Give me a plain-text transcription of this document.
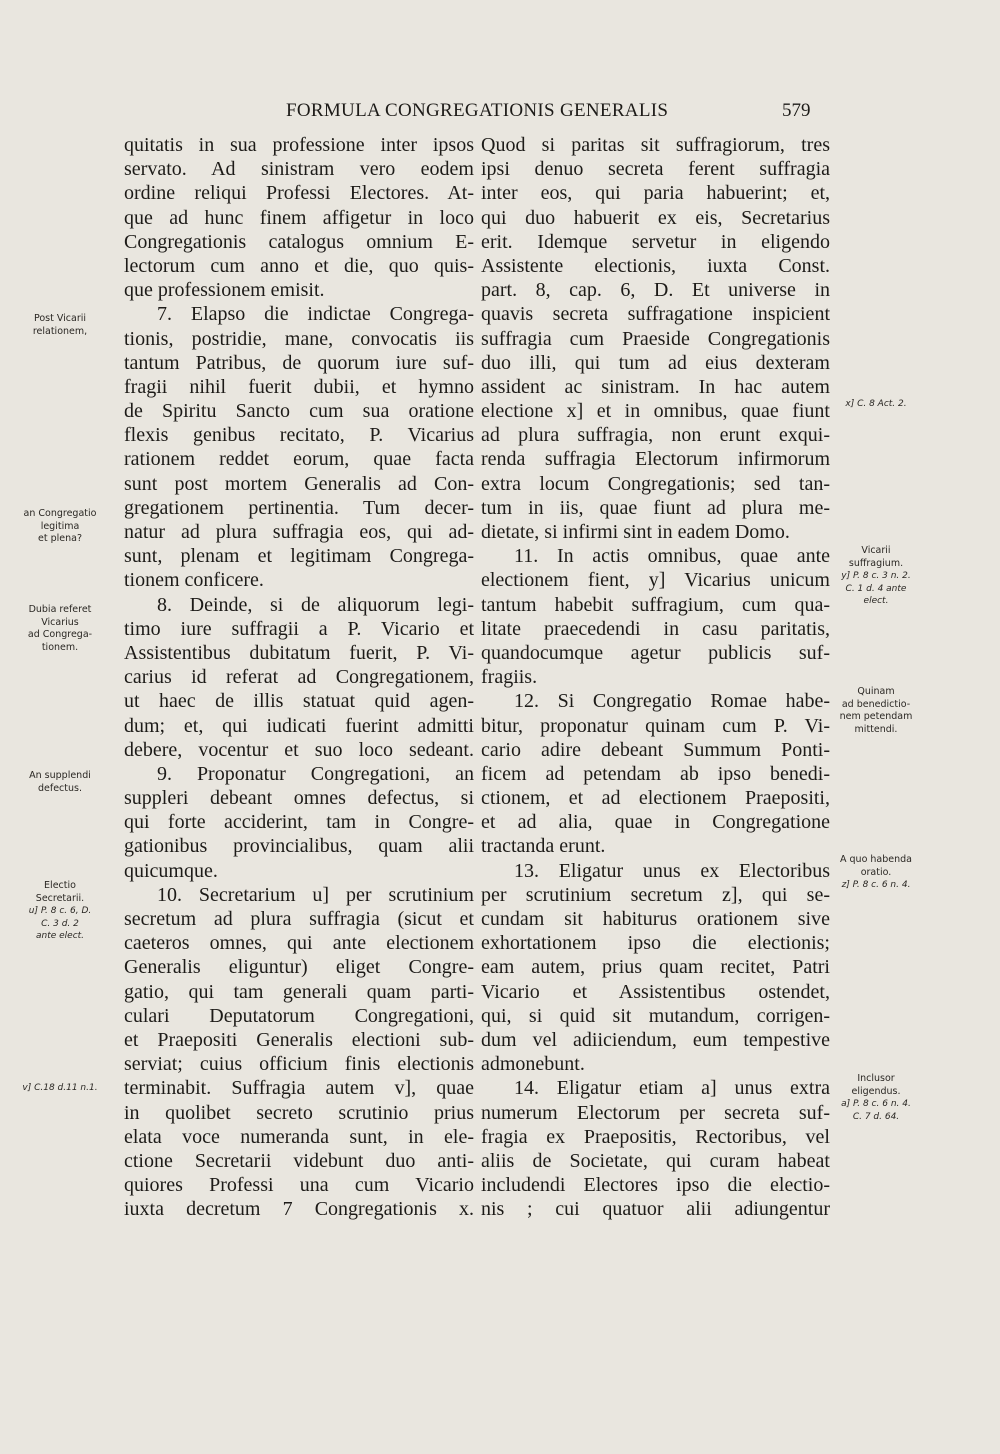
FORMULA CONGREGATIONIS GENERALIS	579
quitatis in sua professione inter ipsos
servato. Ad sinistram vero eodem
ordine reliqui Professi Electores. At-
que ad hunc finem affigetur in loco
Congregationis catalogus omnium E-
lectorum cum anno et die, quo quis-
que professionem emisit.
7. Elapso die indictae Congrega-
tionis, postridie, mane, convocatis iis
tantum Patribus, de quorum iure suf-
fragii nihil fuerit dubii, et hymno
de Spiritu Sancto cum sua oratione
flexis genibus recitato, P. Vicarius
rationem reddet eorum, quae facta
sunt post mortem Generalis ad Con-
gregationem pertinentia. Tum decer-
natur ad plura suffragia eos, qui ad-
sunt, plenam et legitimam Congrega-
tionem conficere.
8. Deinde, si de aliquorum legi-
timo iure suffragii a P. Vicario et
Assistentibus dubitatum fuerit, P. Vi-
carius id referat ad Congregationem,
ut haec de illis statuat quid agen-
dum; et, qui iudicati fuerint admitti
debere, vocentur et suo loco sedeant.
9. Proponatur Congregationi, an
suppleri debeant omnes defectus, si
qui forte acciderint, tam in Congre-
gationibus provincialibus, quam alii
quicumque.
10. Secretarium u] per scrutinium
secretum ad plura suffragia (sicut et
caeteros omnes, qui ante electionem
Generalis eliguntur) eliget Congre-
gatio, qui tam generali quam parti-
culari Deputatorum Congregationi,
et Praepositi Generalis electioni sub-
serviat; cuius officium finis electionis
terminabit. Suffragia autem v], quae
in quolibet secreto scrutinio prius
elata voce numeranda sunt, in ele-
ctione Secretarii videbunt duo anti-
quiores Professi una cum Vicario
iuxta decretum 7 Congregationis x.
Quod si paritas sit suffragiorum, tres
ipsi denuo secreta ferent suffragia
inter eos, qui paria habuerint; et,
qui duo habuerit ex eis, Secretarius
erit. Idemque servetur in eligendo
Assistente electionis, iuxta Const.
part. 8, cap. 6, D. Et universe in
quavis secreta suffragatione inspicient
suffragia cum Praeside Congregationis
duo illi, qui tum ad eius dexteram
assident ac sinistram. In hac autem
electione x] et in omnibus, quae fiunt
ad plura suffragia, non erunt exqui-
renda suffragia Electorum infirmorum
extra locum Congregationis; sed tan-
tum in iis, quae fiunt ad plura me-
dietate, si infirmi sint in eadem Domo.
11. In actis omnibus, quae ante
electionem fient, y] Vicarius unicum
tantum habebit suffragium, cum qua-
litate praecedendi in casu paritatis,
quandocumque agetur publicis suf-
fragiis.
12. Si Congregatio Romae habe-
bitur, proponatur quinam cum P. Vi-
cario adire debeant Summum Ponti-
ficem ad petendam ab ipso benedi-
ctionem, et ad electionem Praepositi,
et ad alia, quae in Congregatione
tractanda erunt.
13. Eligatur unus ex Electoribus
per scrutinium secretum z], qui se-
cundam sit habiturus orationem sive
exhortationem ipso die electionis;
eam autem, prius quam recitet, Patri
Vicario et Assistentibus ostendet,
qui, si quid sit mutandum, corrigen-
dum vel adiiciendum, eum tempestive
admonebunt.
14. Eligatur etiam a] unus extra
numerum Electorum per secreta suf-
fragia ex Praepositis, Rectoribus, vel
aliis de Societate, qui curam habeat
includendi Electores ipso die electio-
nis ; cui quatuor alii adiungentur
Post Vicarii
relationem,
an Congregatio
legitima
et plena?
Dubia referet
Vicarius
ad Congrega-
tionem.
An supplendi
defectus.
Electio
Secretarii.
u] P. 8 c. 6, D.
C. 3 d. 2
ante elect.
v] C.18 d.11 n.1.
x] C. 8 Act. 2.
Vicarii
suffragium.
y] P. 8 c. 3 n. 2.
C. 1 d. 4 ante
elect.
Quinam
ad benedictio-
nem petendam
mittendi.
A quo habenda
oratio.
z] P. 8 c. 6 n. 4.
Inclusor
eligendus.
a] P. 8 c. 6 n. 4.
C. 7 d. 64.
